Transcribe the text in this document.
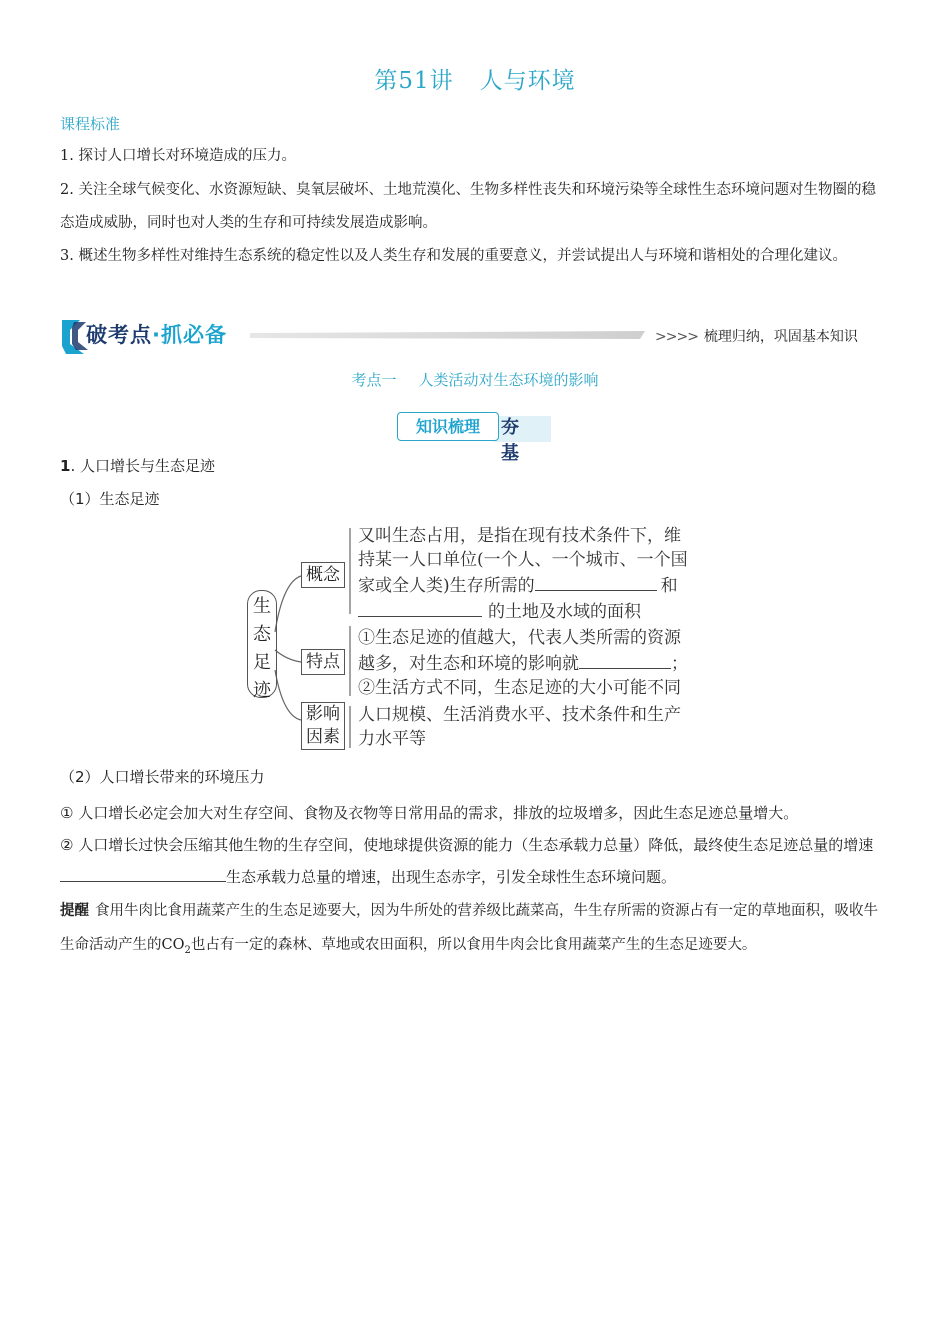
第51讲 人与环境
课程标准
1. 探讨人口增长对环境造成的压力。
2. 关注全球气候变化、水资源短缺、臭氧层破坏、土地荒漠化、生物多样性丧失和环境污染等全球性生态环境问题对生物圈的稳态造成威胁，同时也对人类的生存和可持续发展造成影响。
3. 概述生物多样性对维持生态系统的稳定性以及人类生存和发展的重要意义，并尝试提出人与环境和谐相处的合理化建议。
破考点·抓必备	>>>> 梳理归纳，巩固基本知识
考点一 人类活动对生态环境的影响
知识梳理	夯基
1. 人口增长与生态足迹
（1）生态足迹
生
态
足
迹
概念
特点
影响
因素
又叫生态占用，是指在现有技术条件下，维
持某一人口单位(一个人、一个城市、一个国
家或全人类)生存所需的	和
的土地及水域的面积
①生态足迹的值越大，代表人类所需的资源
越多，对生态和环境的影响就	；
②生活方式不同，生态足迹的大小可能不同
人口规模、生活消费水平、技术条件和生产
力水平等
（2）人口增长带来的环境压力
① 人口增长必定会加大对生存空间、食物及衣物等日常用品的需求，排放的垃圾增多，因此生态足迹总量增大。
② 人口增长过快会压缩其他生物的生存空间，使地球提供资源的能力（生态承载力总量）降低，最终使生态足迹总量的增速生态承载力总量的增速，出现生态赤字，引发全球性生态环境问题。
提醒 食用牛肉比食用蔬菜产生的生态足迹要大，因为牛所处的营养级比蔬菜高，牛生存所需的资源占有一定的草地面积，吸收牛生命活动产生的$CO_2$也占有一定的森林、草地或农田面积，所以食用牛肉会比食用蔬菜产生的生态足迹要大。
